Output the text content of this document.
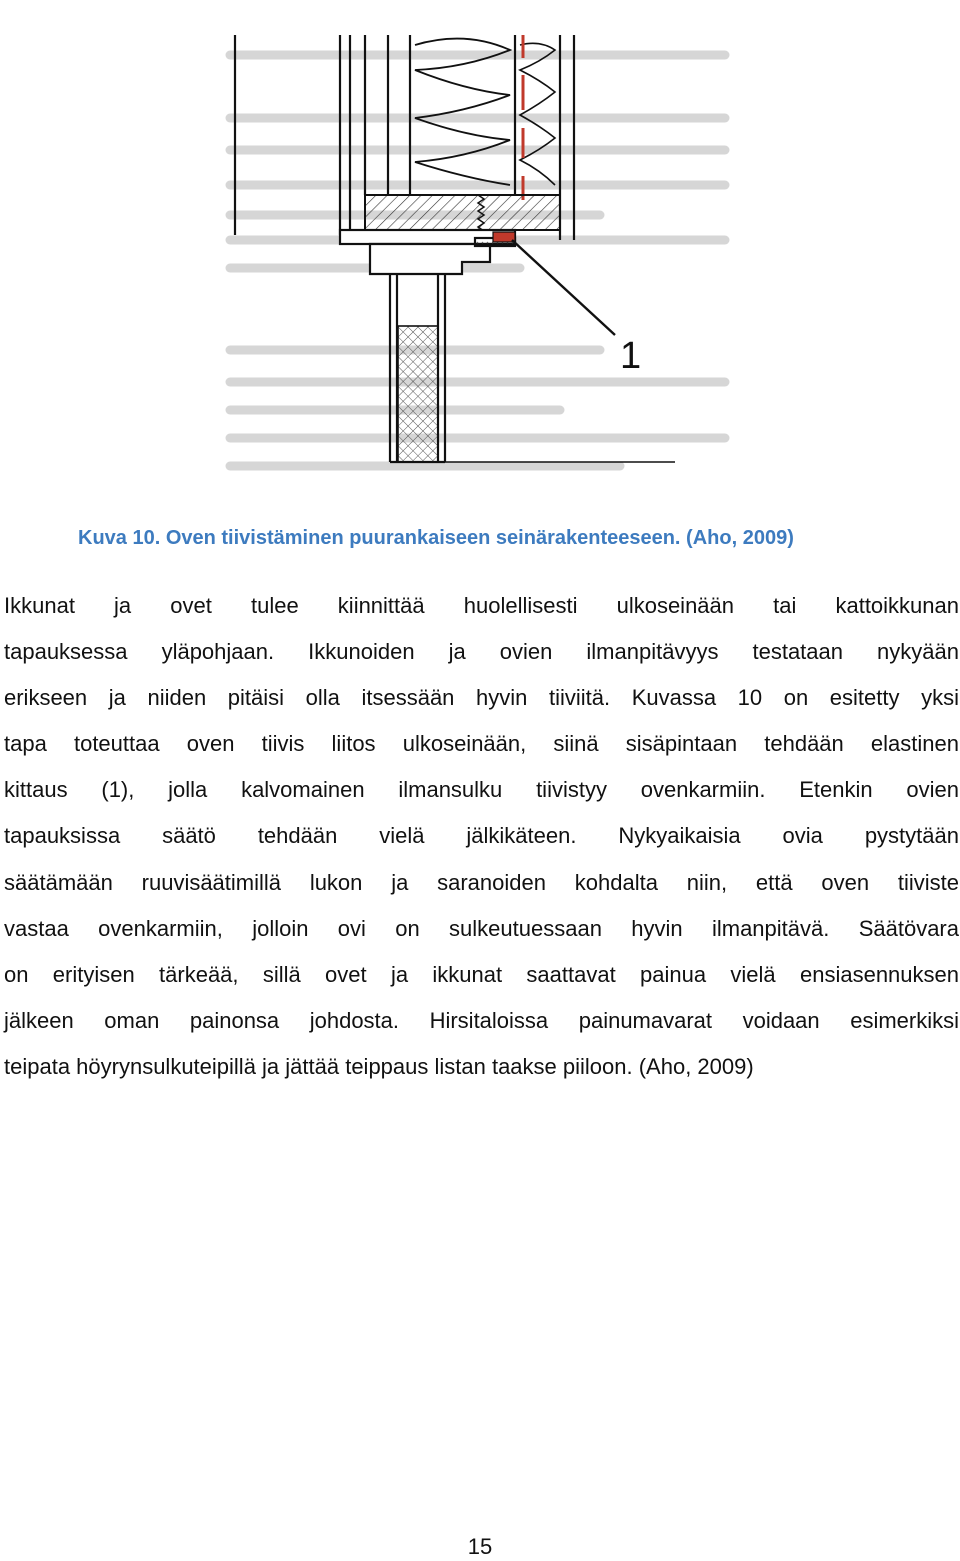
1
Kuva 10. Oven tiivistäminen puurankaiseen seinärakenteeseen. (Aho, 2009)
Ikkunat ja ovet tulee kiinnittää huolellisesti ulkoseinään tai kattoikkunan
tapauksessa yläpohjaan. Ikkunoiden ja ovien ilmanpitävyys testataan nykyään
erikseen ja niiden pitäisi olla itsessään hyvin tiiviitä. Kuvassa 10 on esitetty yksi
tapa toteuttaa oven tiivis liitos ulkoseinään, siinä sisäpintaan tehdään elastinen
kittaus (1), jolla kalvomainen ilmansulku tiivistyy ovenkarmiin. Etenkin ovien
tapauksissa säätö tehdään vielä jälkikäteen. Nykyaikaisia ovia pystytään
säätämään ruuvisäätimillä lukon ja saranoiden kohdalta niin, että oven tiiviste
vastaa ovenkarmiin, jolloin ovi on sulkeutuessaan hyvin ilmanpitävä. Säätövara
on erityisen tärkeää, sillä ovet ja ikkunat saattavat painua vielä ensiasennuksen
jälkeen oman painonsa johdosta. Hirsitaloissa painumavarat voidaan esimerkiksi
teipata höyrynsulkuteipillä ja jättää teippaus listan taakse piiloon. (Aho, 2009)
15
